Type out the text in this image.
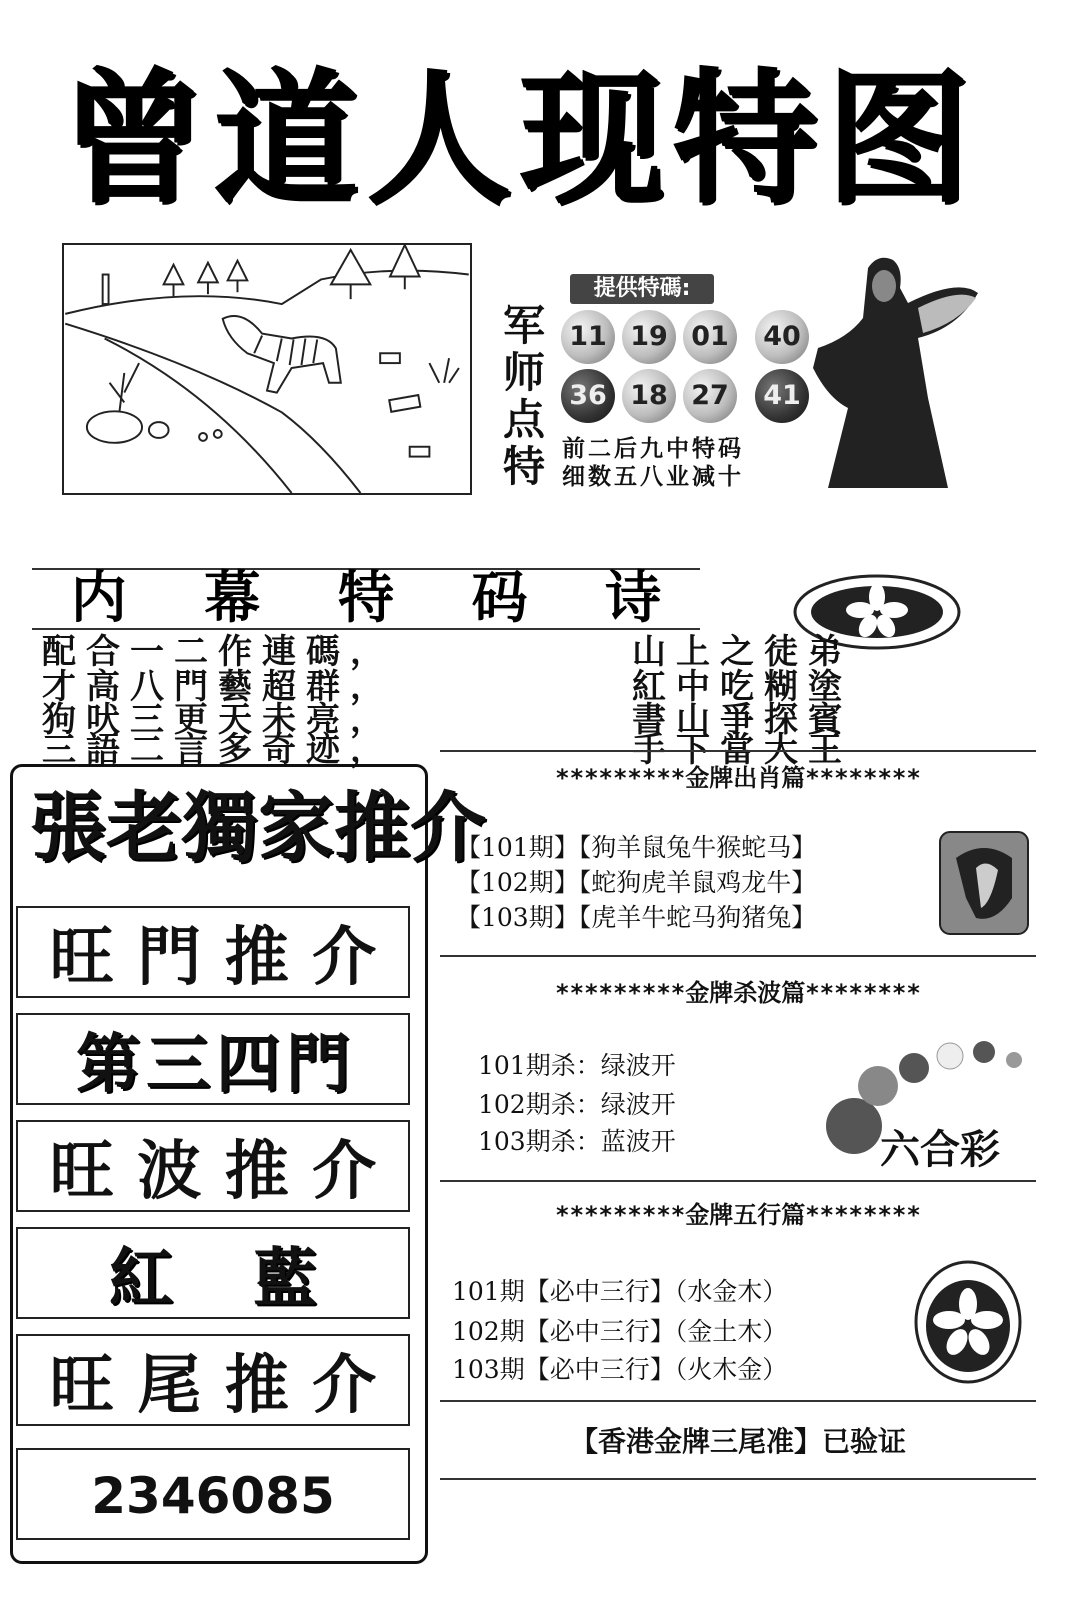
曾道人现特图
军
师
点
特
提供特碼:
11 19 01	40
36 18 27	41
前二后九中特码
细数五八业减十
内 幕 特 码 诗
配合一二作連碼，	山上之徒弟
才高八門藝超群，	紅中吃糊塗
狗吠三更天未亮，	書山爭探賓
三語二言多奇迹，	手下當大王
張老獨家推介
旺 門 推 介
第 三 四 門
旺 波 推 介
紅 藍
旺 尾 推 介
2346085
*********金牌出肖篇********
【101期】【狗羊鼠兔牛猴蛇马】
【102期】【蛇狗虎羊鼠鸡龙牛】
【103期】【虎羊牛蛇马狗猪兔】
*********金牌杀波篇********
101期杀：绿波开
102期杀：绿波开
103期杀：蓝波开	六合彩
*********金牌五行篇********
101期【必中三行】（水金木）
102期【必中三行】（金土木）
103期【必中三行】（火木金）
【香港金牌三尾准】已验证
